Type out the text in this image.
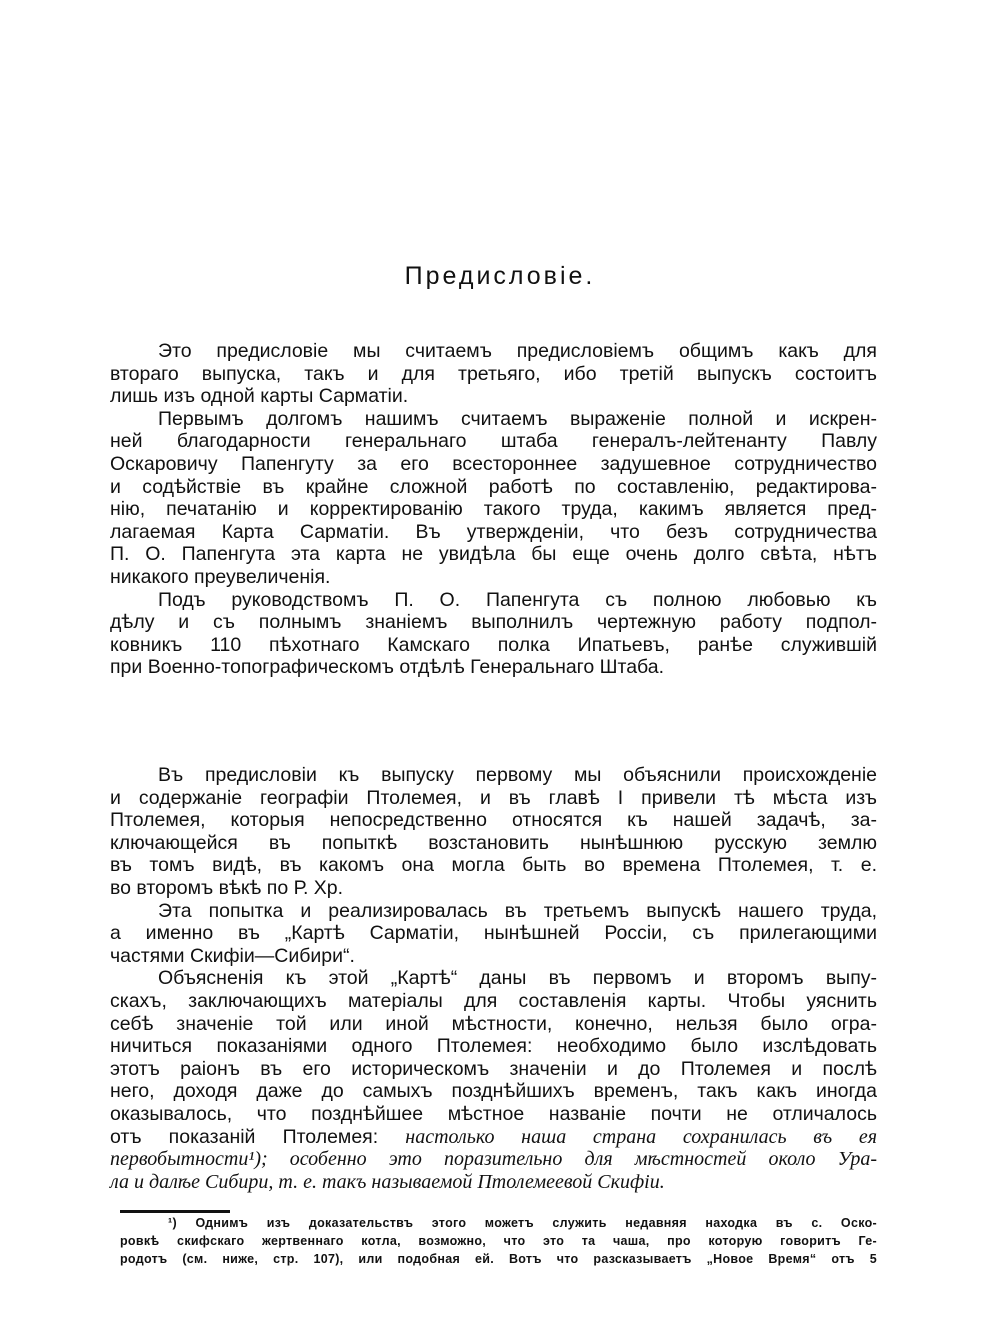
Предисловіе.
Это предисловіе мы считаемъ предисловіемъ общимъ какъ для
втораго выпуска, такъ и для третьяго, ибо третій выпускъ состоитъ
лишь изъ одной карты Сарматіи.
Первымъ долгомъ нашимъ считаемъ выраженіе полной и искрен-
ней благодарности генеральнаго штаба генералъ-лейтенанту Павлу
Оскаровичу Папенгуту за его всестороннее задушевное сотрудничество
и содѣйствіе въ крайне сложной работѣ по составленію, редактирова-
нію, печатанію и корректированію такого труда, какимъ является пред-
лагаемая Карта Сарматіи. Въ утвержденіи, что безъ сотрудничества
П. О. Папенгута эта карта не увидѣла бы еще очень долго свѣта, нѣтъ
никакого преувеличенія.
Подъ руководствомъ П. О. Папенгута съ полною любовью къ
дѣлу и съ полнымъ знаніемъ выполнилъ чертежную работу подпол-
ковникъ 110 пѣхотнаго Камскаго полка Ипатьевъ, ранѣе служившій
при Военно-топографическомъ отдѣлѣ Генеральнаго Штаба.
Въ предисловіи къ выпуску первому мы объяснили происхожденіе
и содержаніе географіи Птолемея, и въ главѣ I привели тѣ мѣста изъ
Птолемея, которыя непосредственно относятся къ нашей задачѣ, за-
ключающейся въ попыткѣ возстановить нынѣшнюю русскую землю
въ томъ видѣ, въ какомъ она могла быть во времена Птолемея, т. е.
во второмъ вѣкѣ по Р. Хр.
Эта попытка и реализировалась въ третьемъ выпускѣ нашего труда,
а именно въ „Картѣ Сарматіи, нынѣшней Россіи, съ прилегающими
частями Скифіи—Сибири“.
Объясненія къ этой „Картѣ“ даны въ первомъ и второмъ выпу-
скахъ, заключающихъ матеріалы для составленія карты. Чтобы уяснить
себѣ значеніе той или иной мѣстности, конечно, нельзя было огра-
ничиться показаніями одного Птолемея: необходимо было изслѣдовать
этотъ раіонъ въ его историческомъ значеніи и до Птолемея и послѣ
него, доходя даже до самыхъ позднѣйшихъ временъ, такъ какъ иногда
оказывалось, что позднѣйшее мѣстное названіе почти не отличалось
отъ показаній Птолемея: настолько наша страна сохранилась въ ея
первобытности¹); особенно это поразительно для мѣстностей около Ура-
ла и далѣе Сибири, т. е. такъ называемой Птолемеевой Скифіи.
¹) Однимъ изъ доказательствъ этого можетъ служить недавняя находка въ с. Оско-
ровкѣ скифскаго жертвеннаго котла, возможно, что это та чаша, про которую говоритъ Ге-
родотъ (см. ниже, стр. 107), или подобная ей. Вотъ что разсказываетъ „Новое Время“ отъ 5
